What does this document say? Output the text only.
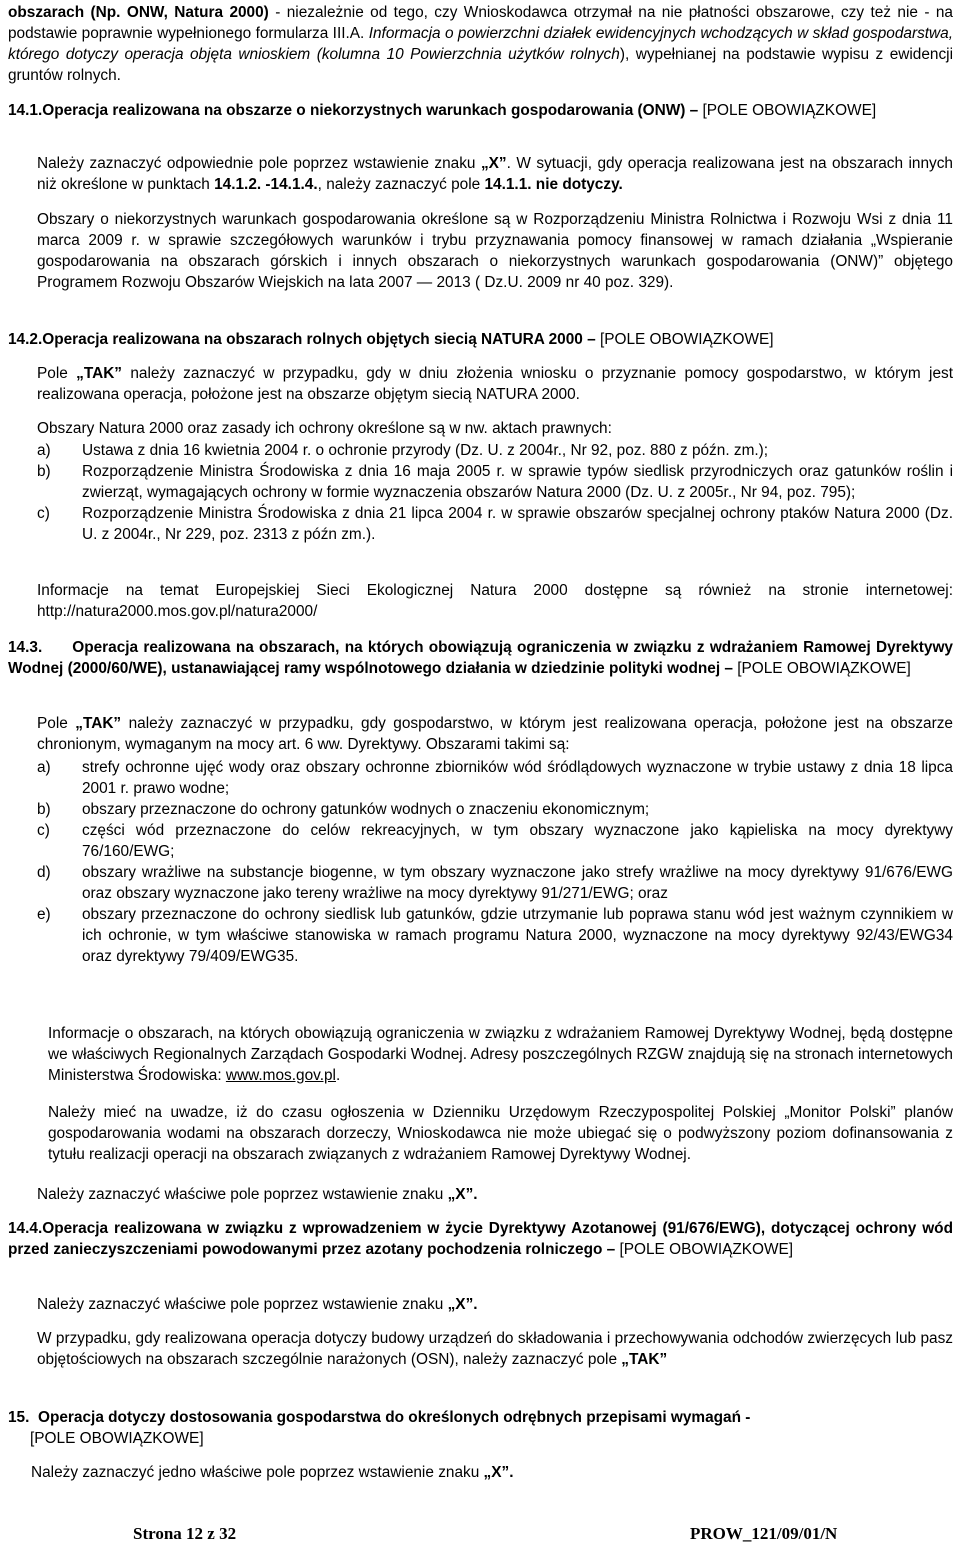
obszarach (Np. ONW, Natura 2000) - niezależnie od tego, czy Wnioskodawca otrzymał na nie płatności obszarowe, czy też nie - na podstawie poprawnie wypełnionego formularza III.A. Informacja o powierzchni działek ewidencyjnych wchodzących w skład gospodarstwa, którego dotyczy operacja objęta wnioskiem (kolumna 10 Powierzchnia użytków rolnych), wypełnianej na podstawie wypisu z ewidencji gruntów rolnych.

14.1.Operacja realizowana na obszarze o niekorzystnych warunkach gospodarowania (ONW) – [POLE OBOWIĄZKOWE]

Należy zaznaczyć odpowiednie pole poprzez wstawienie znaku „X”. W sytuacji, gdy operacja realizowana jest na obszarach innych niż określone w punktach 14.1.2. -14.1.4., należy zaznaczyć pole 14.1.1. nie dotyczy.

Obszary o niekorzystnych warunkach gospodarowania określone są w Rozporządzeniu Ministra Rolnictwa i Rozwoju Wsi z dnia 11 marca 2009 r. w sprawie szczegółowych warunków i trybu przyznawania pomocy finansowej w ramach działania „Wspieranie gospodarowania na obszarach górskich i innych obszarach o niekorzystnych warunkach gospodarowania (ONW)” objętego Programem Rozwoju Obszarów Wiejskich na lata 2007 — 2013 ( Dz.U. 2009 nr 40 poz. 329).

14.2.Operacja realizowana na obszarach rolnych objętych siecią NATURA 2000 – [POLE OBOWIĄZKOWE]

Pole „TAK” należy zaznaczyć w przypadku, gdy w dniu złożenia wniosku o przyznanie pomocy gospodarstwo, w którym jest realizowana operacja, położone jest na obszarze objętym siecią NATURA 2000.

Obszary Natura 2000 oraz zasady ich ochrony określone są w nw. aktach prawnych:

a) Ustawa z dnia 16 kwietnia 2004 r. o ochronie przyrody (Dz. U. z 2004r., Nr 92, poz. 880 z późn. zm.);
b) Rozporządzenie Ministra Środowiska z dnia 16 maja 2005 r. w sprawie typów siedlisk przyrodniczych oraz gatunków roślin i zwierząt, wymagających ochrony w formie wyznaczenia obszarów Natura 2000 (Dz. U. z 2005r., Nr 94, poz. 795);
c) Rozporządzenie Ministra Środowiska z dnia 21 lipca 2004 r. w sprawie obszarów specjalnej ochrony ptaków Natura 2000 (Dz. U. z 2004r., Nr 229, poz. 2313 z późn zm.).

Informacje na temat Europejskiej Sieci Ekologicznej Natura 2000 dostępne są również na stronie internetowej: http://natura2000.mos.gov.pl/natura2000/

14.3. Operacja realizowana na obszarach, na których obowiązują ograniczenia w związku z wdrażaniem Ramowej Dyrektywy Wodnej (2000/60/WE), ustanawiającej ramy wspólnotowego działania w dziedzinie polityki wodnej – [POLE OBOWIĄZKOWE]

Pole „TAK” należy zaznaczyć w przypadku, gdy gospodarstwo, w którym jest realizowana operacja, położone jest na obszarze chronionym, wymaganym na mocy art. 6 ww. Dyrektywy. Obszarami takimi są:

a) strefy ochronne ujęć wody oraz obszary ochronne zbiorników wód śródlądowych wyznaczone w trybie ustawy z dnia 18 lipca 2001 r. prawo wodne;
b) obszary przeznaczone do ochrony gatunków wodnych o znaczeniu ekonomicznym;
c) części wód przeznaczone do celów rekreacyjnych, w tym obszary wyznaczone jako kąpieliska na mocy dyrektywy 76/160/EWG;
d) obszary wrażliwe na substancje biogenne, w tym obszary wyznaczone jako strefy wrażliwe na mocy dyrektywy 91/676/EWG oraz obszary wyznaczone jako tereny wrażliwe na mocy dyrektywy 91/271/EWG; oraz
e) obszary przeznaczone do ochrony siedlisk lub gatunków, gdzie utrzymanie lub poprawa stanu wód jest ważnym czynnikiem w ich ochronie, w tym właściwe stanowiska w ramach programu Natura 2000, wyznaczone na mocy dyrektywy 92/43/EWG34 oraz dyrektywy 79/409/EWG35.

Informacje o obszarach, na których obowiązują ograniczenia w związku z wdrażaniem Ramowej Dyrektywy Wodnej, będą dostępne we właściwych Regionalnych Zarządach Gospodarki Wodnej. Adresy poszczególnych RZGW znajdują się na stronach internetowych Ministerstwa Środowiska: www.mos.gov.pl.

Należy mieć na uwadze, iż do czasu ogłoszenia w Dzienniku Urzędowym Rzeczypospolitej Polskiej „Monitor Polski” planów gospodarowania wodami na obszarach dorzeczy, Wnioskodawca nie może ubiegać się o podwyższony poziom dofinansowania z tytułu realizacji operacji na obszarach związanych z wdrażaniem Ramowej Dyrektywy Wodnej.

Należy zaznaczyć właściwe pole poprzez wstawienie znaku „X”.

14.4.Operacja realizowana w związku z wprowadzeniem w życie Dyrektywy Azotanowej (91/676/EWG), dotyczącej ochrony wód przed zanieczyszczeniami powodowanymi przez azotany pochodzenia rolniczego – [POLE OBOWIĄZKOWE]

Należy zaznaczyć właściwe pole poprzez wstawienie znaku „X”.

W przypadku, gdy realizowana operacja dotyczy budowy urządzeń do składowania i przechowywania odchodów zwierzęcych lub pasz objętościowych na obszarach szczególnie narażonych (OSN), należy zaznaczyć pole „TAK”

15. Operacja dotyczy dostosowania gospodarstwa do określonych odrębnych przepisami wymagań -
[POLE OBOWIĄZKOWE]

Należy zaznaczyć jedno właściwe pole poprzez wstawienie znaku „X”.

Strona 12 z 32	PROW_121/09/01/N
